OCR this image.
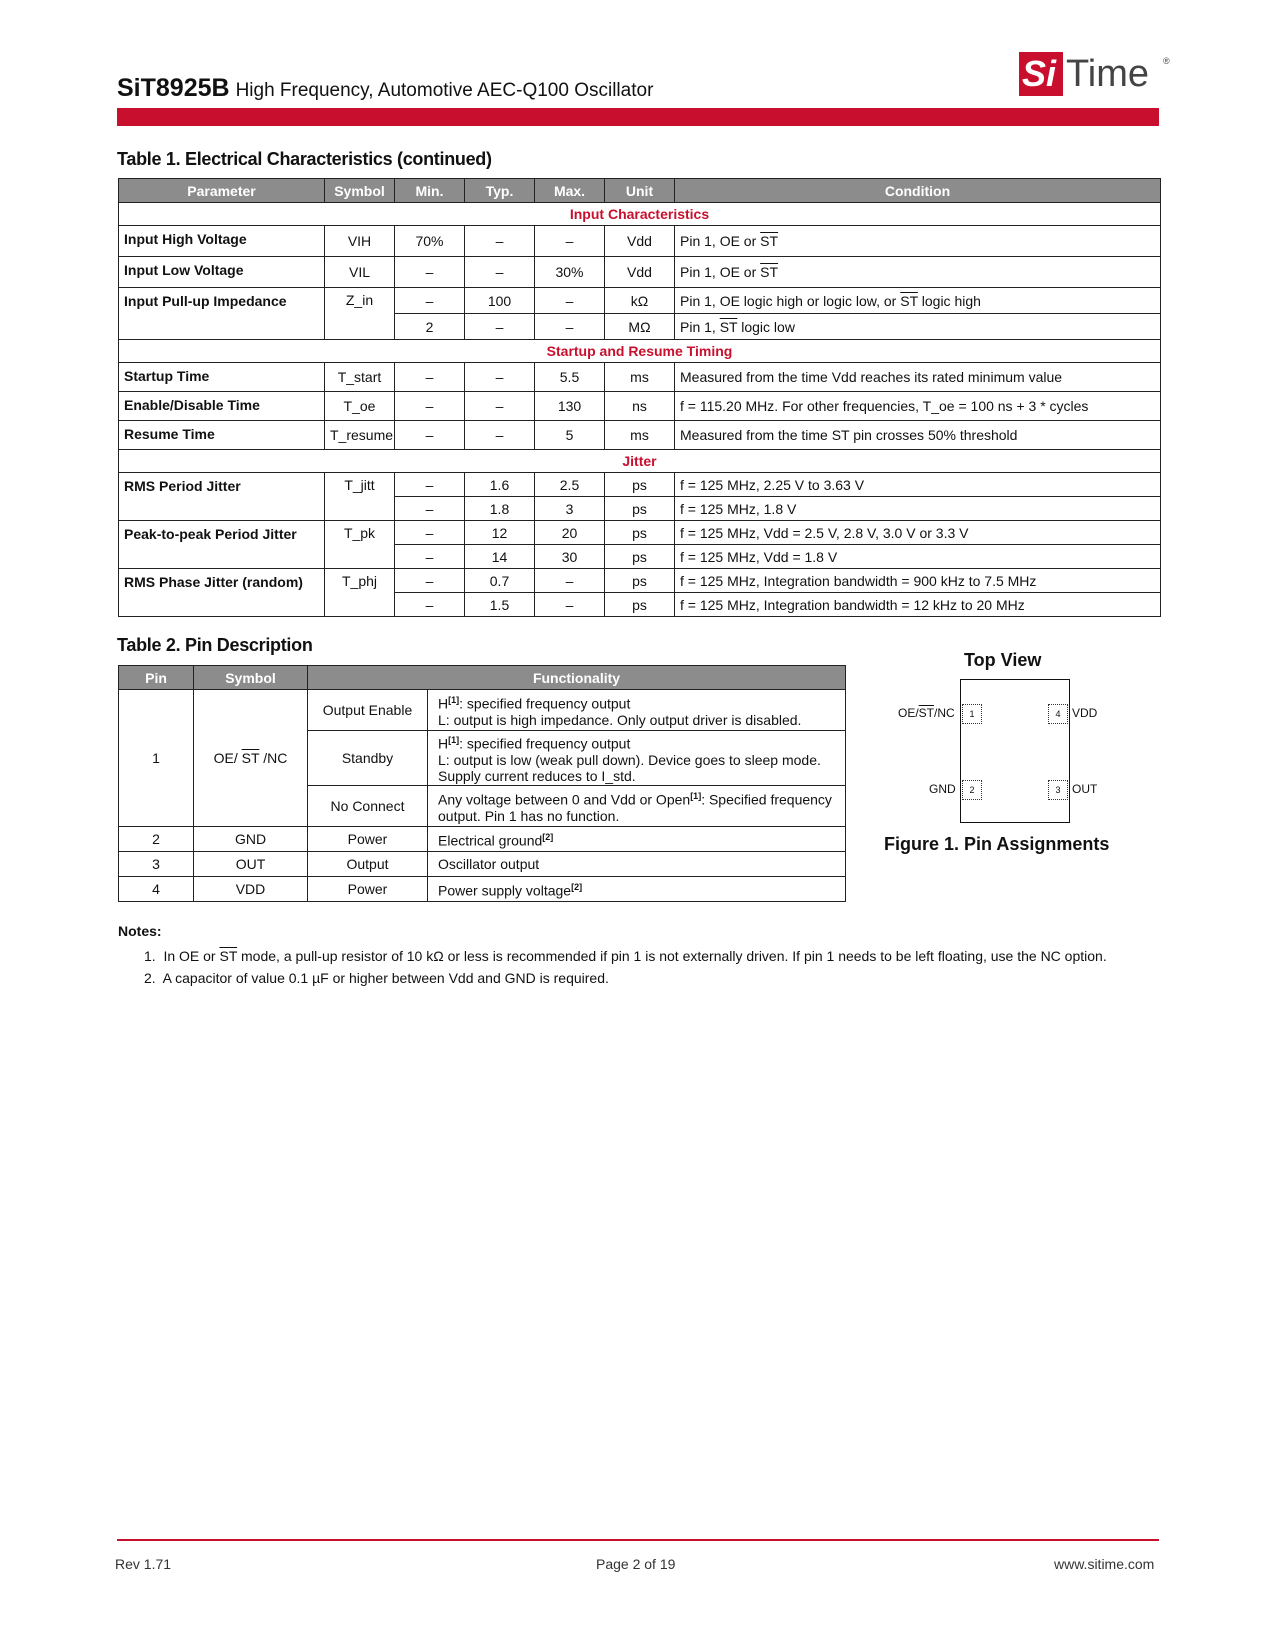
SiT8925B High Frequency, Automotive AEC-Q100 Oscillator	Si Time ®
Table 1. Electrical Characteristics (continued)
Parameter	Symbol	Min.	Typ.	Max.	Unit	Condition
Input Characteristics						
Input High Voltage	VIH	70%	–	–	Vdd	Pin 1, OE or $\overline{ST}$
Input Low Voltage	VIL	–	–	30%	Vdd	Pin 1, OE or $\overline{ST}$
Input Pull-up Impedance	Z_in	–	100	–	kΩ	Pin 1, OE logic high or logic low, or $\overline{ST}$ logic high
		2	–	–	MΩ	Pin 1, $\overline{ST}$ logic low
Startup and Resume Timing						
Startup Time	T_start	–	–	5.5	ms	Measured from the time Vdd reaches its rated minimum value
Enable/Disable Time	T_oe	–	–	130	ns	f = 115.20 MHz. For other frequencies, T_oe = 100 ns + 3 * cycles
Resume Time	T_resume	–	–	5	ms	Measured from the time ST pin crosses 50% threshold
Jitter						
RMS Period Jitter	T_jitt	–	1.6	2.5	ps	f = 125 MHz, 2.25 V to 3.63 V
		–	1.8	3	ps	f = 125 MHz, 1.8 V
Peak-to-peak Period Jitter	T_pk	–	12	20	ps	f = 125 MHz, Vdd = 2.5 V, 2.8 V, 3.0 V or 3.3 V
		–	14	30	ps	f = 125 MHz, Vdd = 1.8 V
RMS Phase Jitter (random)	T_phj	–	0.7	–	ps	f = 125 MHz, Integration bandwidth = 900 kHz to 7.5 MHz
		–	1.5	–	ps	f = 125 MHz, Integration bandwidth = 12 kHz to 20 MHz
Table 2. Pin Description
Pin	Symbol	Functionality	
1	OE/ $\overline{ST}$ /NC	Output Enable	H[1]: specified frequency output
L: output is high impedance. Only output driver is disabled.
		Standby	H[1]: specified frequency output
L: output is low (weak pull down). Device goes to sleep mode. Supply current reduces to I_std.
		No Connect	Any voltage between 0 and Vdd or Open[1]: Specified frequency output. Pin 1 has no function.
2	GND	Power	Electrical ground[2]
3	OUT	Output	Oscillator output
4	VDD	Power	Power supply voltage[2]
Top View
1
2	3
4
$OE/\overline{ST}/NC$
GND	OUT
VDD
Figure 1. Pin Assignments
Notes:
1.  In OE or $\overline{ST}$ mode, a pull-up resistor of 10 kΩ or less is recommended if pin 1 is not externally driven. If pin 1 needs to be left floating, use the NC option.
2.  A capacitor of value 0.1 µF or higher between Vdd and GND is required.
Rev 1.71	Page 2 of 19	www.sitime.com
